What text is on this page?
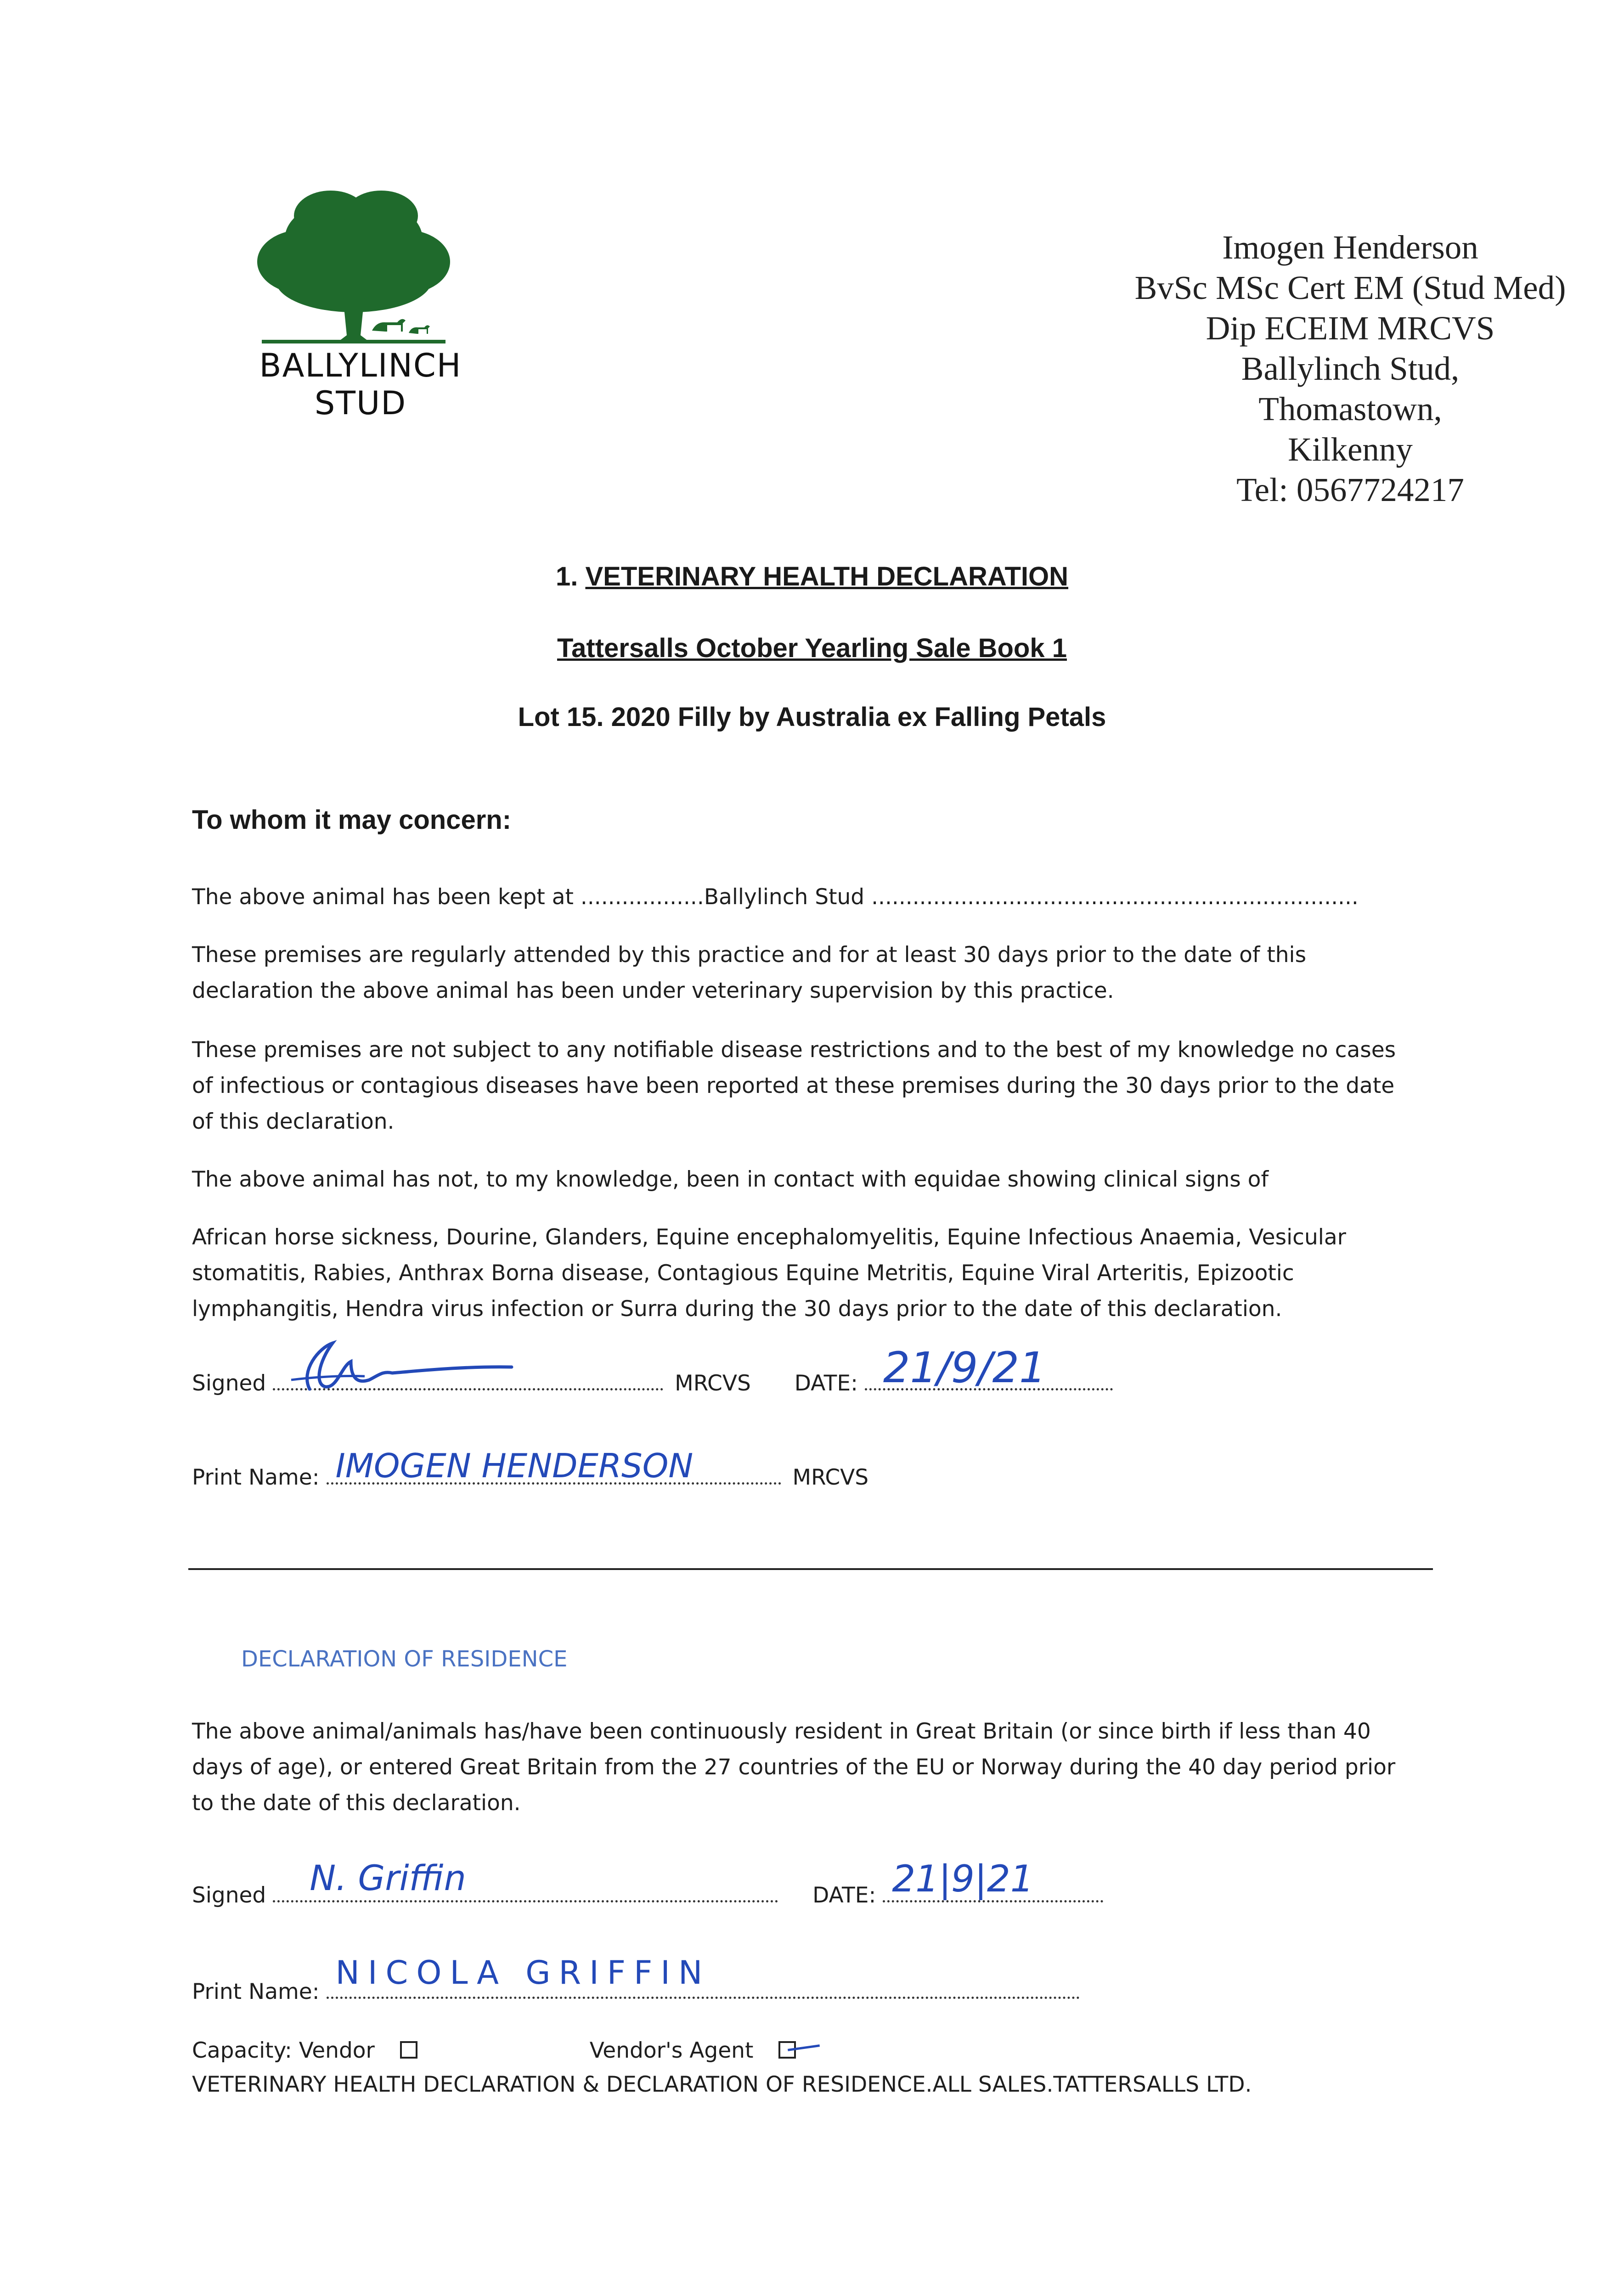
BALLYLINCH
STUD
Imogen Henderson
BvSc MSc Cert EM (Stud Med)
Dip ECEIM MRCVS
Ballylinch Stud,
Thomastown,
Kilkenny
Tel: 0567724217
1. VETERINARY HEALTH DECLARATION
Tattersalls October Yearling Sale Book 1
Lot 15. 2020 Filly by Australia ex Falling Petals
To whom it may concern:
The above animal has been kept at ..................Ballylinch Stud .......................................................................
These premises are regularly attended by this practice and for at least 30 days prior to the date of this
declaration the above animal has been under veterinary supervision by this practice.
These premises are not subject to any notifiable disease restrictions and to the best of my knowledge no cases
of infectious or contagious diseases have been reported at these premises during the 30 days prior to the date
of this declaration.
The above animal has not, to my knowledge, been in contact with equidae showing clinical signs of
African horse sickness, Dourine, Glanders, Equine encephalomyelitis, Equine Infectious Anaemia, Vesicular
stomatitis, Rabies, Anthrax Borna disease, Contagious Equine Metritis, Equine Viral Arteritis, Epizootic
lymphangitis, Hendra virus infection or Surra during the 30 days prior to the date of this declaration.
Signed	MRCVS DATE: 21/9/21
Print Name: IMOGEN HENDERSON	MRCVS
DECLARATION OF RESIDENCE
The above animal/animals has/have been continuously resident in Great Britain (or since birth if less than 40
days of age), or entered Great Britain from the 27 countries of the EU or Norway during the 40 day period prior
to the date of this declaration.
Signed N. Griffin	DATE: 21|9|21
Print Name:
NICOLA GRIFFIN
Capacity: Vendor	Vendor's Agent
VETERINARY HEALTH DECLARATION & DECLARATION OF RESIDENCE.ALL SALES.TATTERSALLS LTD.
